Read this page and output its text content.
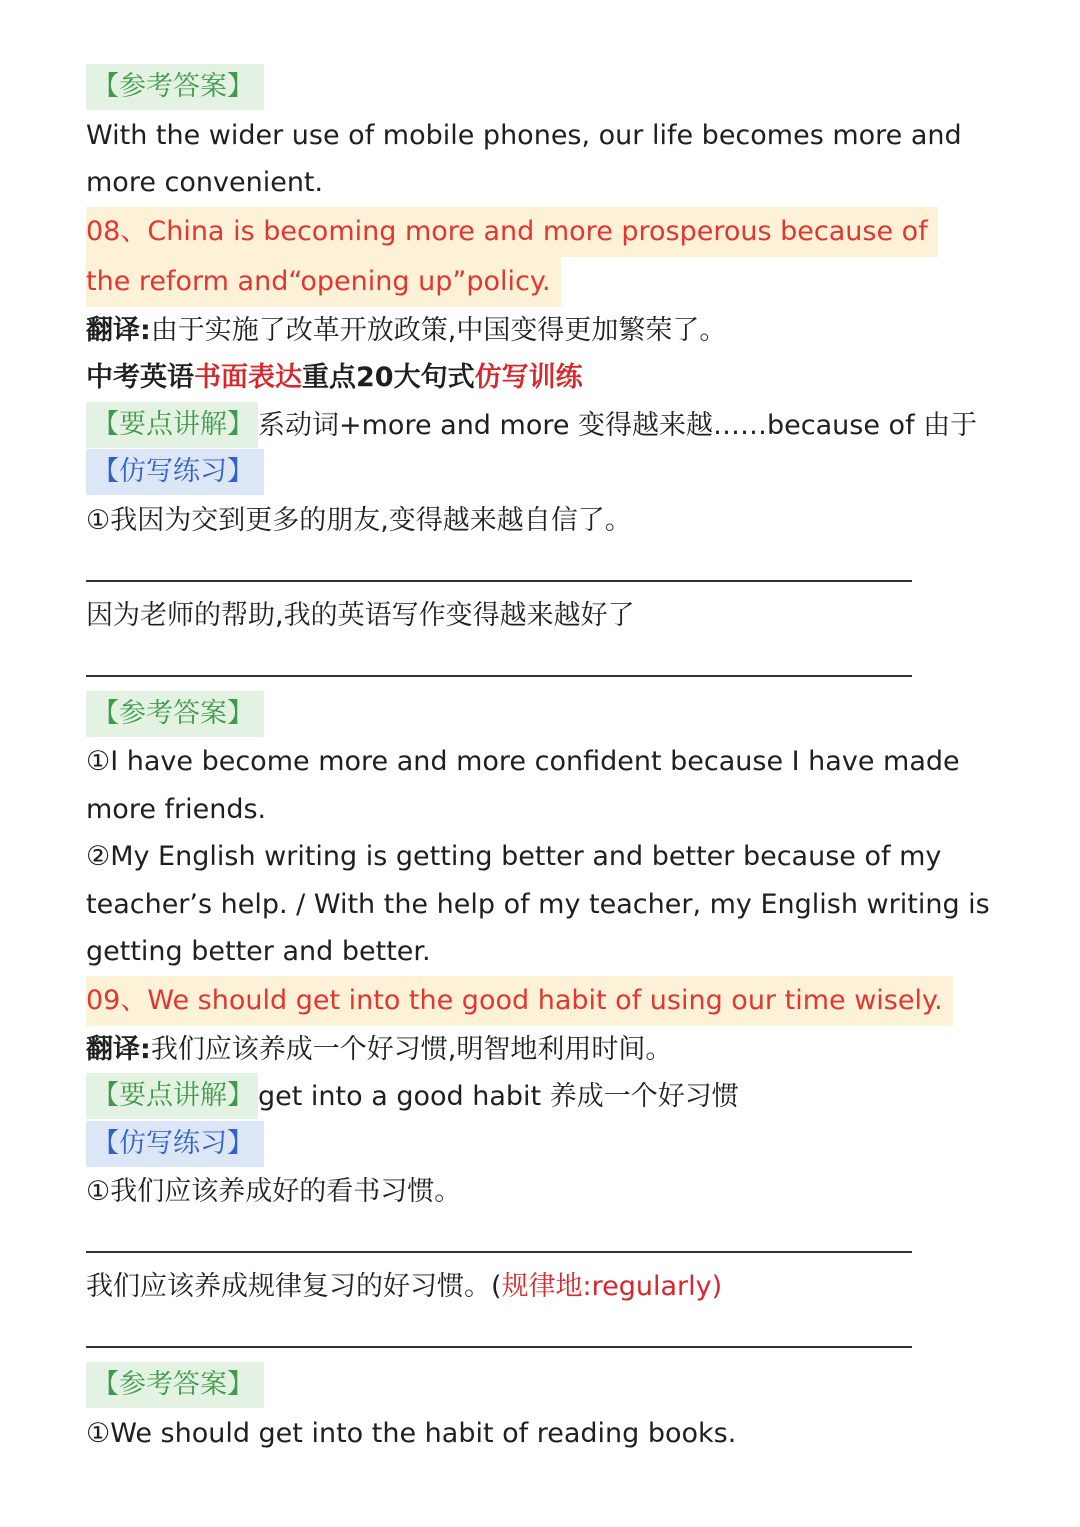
【参考答案】
With the wider use of mobile phones, our life becomes more and more convenient.
08、China is becoming more and more prosperous because of
the reform and“opening up”policy.
翻译:由于实施了改革开放政策,中国变得更加繁荣了。
中考英语书面表达重点20大句式仿写训练
【要点讲解】 系动词+more and more 变得越来越……because of 由于
【仿写练习】
①我因为交到更多的朋友,变得越来越自信了。
因为老师的帮助,我的英语写作变得越来越好了
【参考答案】
①I have become more and more confident because I have made more friends.
②My English writing is getting better and better because of my teacher’s help. / With the help of my teacher, my English writing is getting better and better.
09、We should get into the good habit of using our time wisely.
翻译:我们应该养成一个好习惯,明智地利用时间。
【要点讲解】 get into a good habit 养成一个好习惯
【仿写练习】
①我们应该养成好的看书习惯。
我们应该养成规律复习的好习惯。(规律地:regularly)
【参考答案】
①We should get into the habit of reading books.
